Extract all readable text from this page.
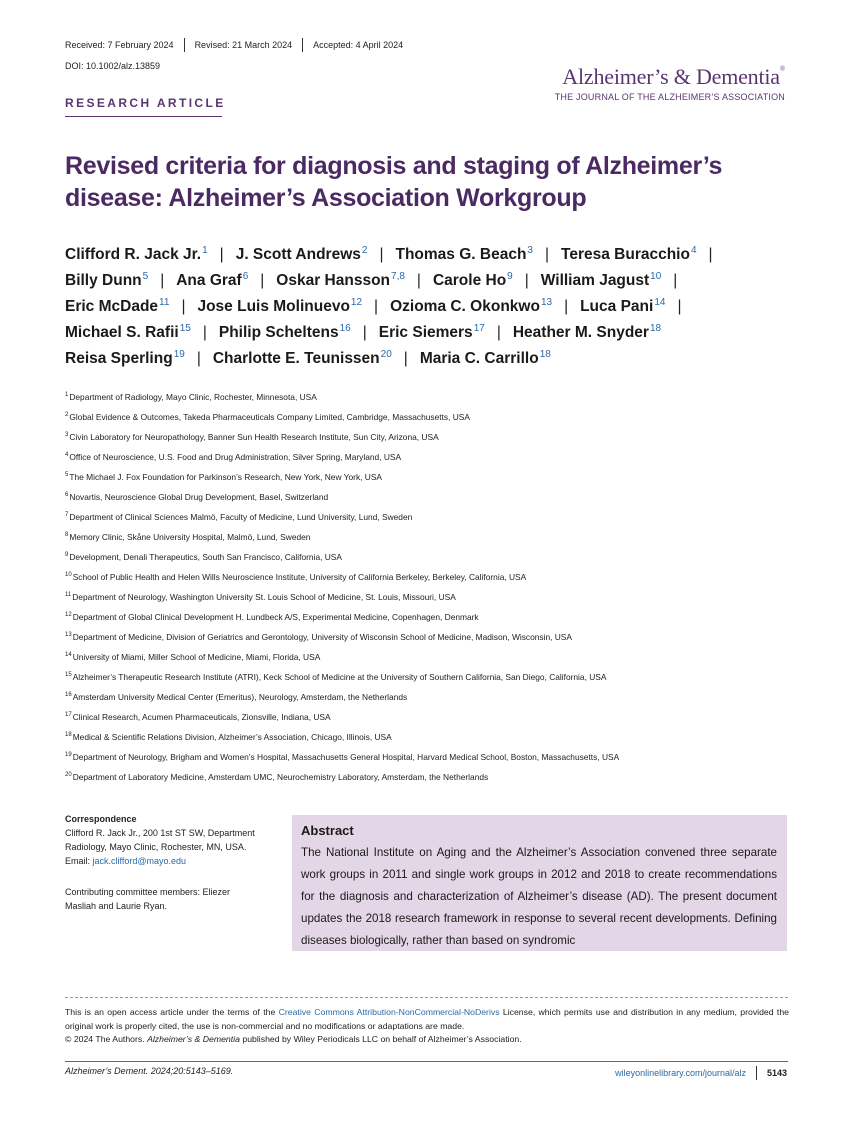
Received: 7 February 2024 Revised: 21 March 2024 Accepted: 4 April 2024
DOI: 10.1002/alz.13859	Alzheimer’s & Dementia®
THE JOURNAL OF THE ALZHEIMER’S ASSOCIATION
RESEARCH ARTICLE
Revised criteria for diagnosis and staging of Alzheimer’s disease: Alzheimer’s Association Workgroup
Clifford R. Jack Jr.$^1$ | J. Scott Andrews$^2$ | Thomas G. Beach$^3$ | Teresa Buracchio$^4$ |
Billy Dunn$^5$ | Ana Graf$^6$ | Oskar Hansson$^{7,8}$ | Carole Ho$^9$ | William Jagust$^{10}$ |
Eric McDade$^{11}$ | Jose Luis Molinuevo$^{12}$ | Ozioma C. Okonkwo$^{13}$ | Luca Pani$^{14}$ |
Michael S. Rafii$^{15}$ | Philip Scheltens$^{16}$ | Eric Siemers$^{17}$ | Heather M. Snyder$^{18}$
Reisa Sperling$^{19}$ | Charlotte E. Teunissen$^{20}$ | Maria C. Carrillo$^{18}$
$^1$Department of Radiology, Mayo Clinic, Rochester, Minnesota, USA
$^2$Global Evidence & Outcomes, Takeda Pharmaceuticals Company Limited, Cambridge, Massachusetts, USA
$^3$Civin Laboratory for Neuropathology, Banner Sun Health Research Institute, Sun City, Arizona, USA
$^4$Office of Neuroscience, U.S. Food and Drug Administration, Silver Spring, Maryland, USA
$^5$The Michael J. Fox Foundation for Parkinson’s Research, New York, New York, USA
$^6$Novartis, Neuroscience Global Drug Development, Basel, Switzerland
$^7$Department of Clinical Sciences Malmö, Faculty of Medicine, Lund University, Lund, Sweden
$^8$Memory Clinic, Skåne University Hospital, Malmö, Lund, Sweden
$^9$Development, Denali Therapeutics, South San Francisco, California, USA
$^{10}$School of Public Health and Helen Wills Neuroscience Institute, University of California Berkeley, Berkeley, California, USA
$^{11}$Department of Neurology, Washington University St. Louis School of Medicine, St. Louis, Missouri, USA
$^{12}$Department of Global Clinical Development H. Lundbeck A/S, Experimental Medicine, Copenhagen, Denmark
$^{13}$Department of Medicine, Division of Geriatrics and Gerontology, University of Wisconsin School of Medicine, Madison, Wisconsin, USA
$^{14}$University of Miami, Miller School of Medicine, Miami, Florida, USA
$^{15}$Alzheimer’s Therapeutic Research Institute (ATRI), Keck School of Medicine at the University of Southern California, San Diego, California, USA
$^{16}$Amsterdam University Medical Center (Emeritus), Neurology, Amsterdam, the Netherlands
$^{17}$Clinical Research, Acumen Pharmaceuticals, Zionsville, Indiana, USA
$^{18}$Medical & Scientific Relations Division, Alzheimer’s Association, Chicago, Illinois, USA
$^{19}$Department of Neurology, Brigham and Women’s Hospital, Massachusetts General Hospital, Harvard Medical School, Boston, Massachusetts, USA
$^{20}$Department of Laboratory Medicine, Amsterdam UMC, Neurochemistry Laboratory, Amsterdam, the Netherlands
Correspondence
Clifford R. Jack Jr., 200 1st ST SW, Department
Radiology, Mayo Clinic, Rochester, MN, USA.
Email: jack.clifford@mayo.edu
Contributing committee members: Eliezer
Masliah and Laurie Ryan.
Abstract
The National Institute on Aging and the Alzheimer’s Association convened three separate work groups in 2011 and single work groups in 2012 and 2018 to create recommendations for the diagnosis and characterization of Alzheimer’s disease (AD). The present document updates the 2018 research framework in response to several recent developments. Defining diseases biologically, rather than based on syndromic
This is an open access article under the terms of the Creative Commons Attribution-NonCommercial-NoDerivs License, which permits use and distribution in any medium, provided the original work is properly cited, the use is non-commercial and no modifications or adaptations are made.
© 2024 The Authors. Alzheimer’s & Dementia published by Wiley Periodicals LLC on behalf of Alzheimer’s Association.
Alzheimer’s Dement. 2024;20:5143–5169.	wileyonlinelibrary.com/journal/alz 5143
